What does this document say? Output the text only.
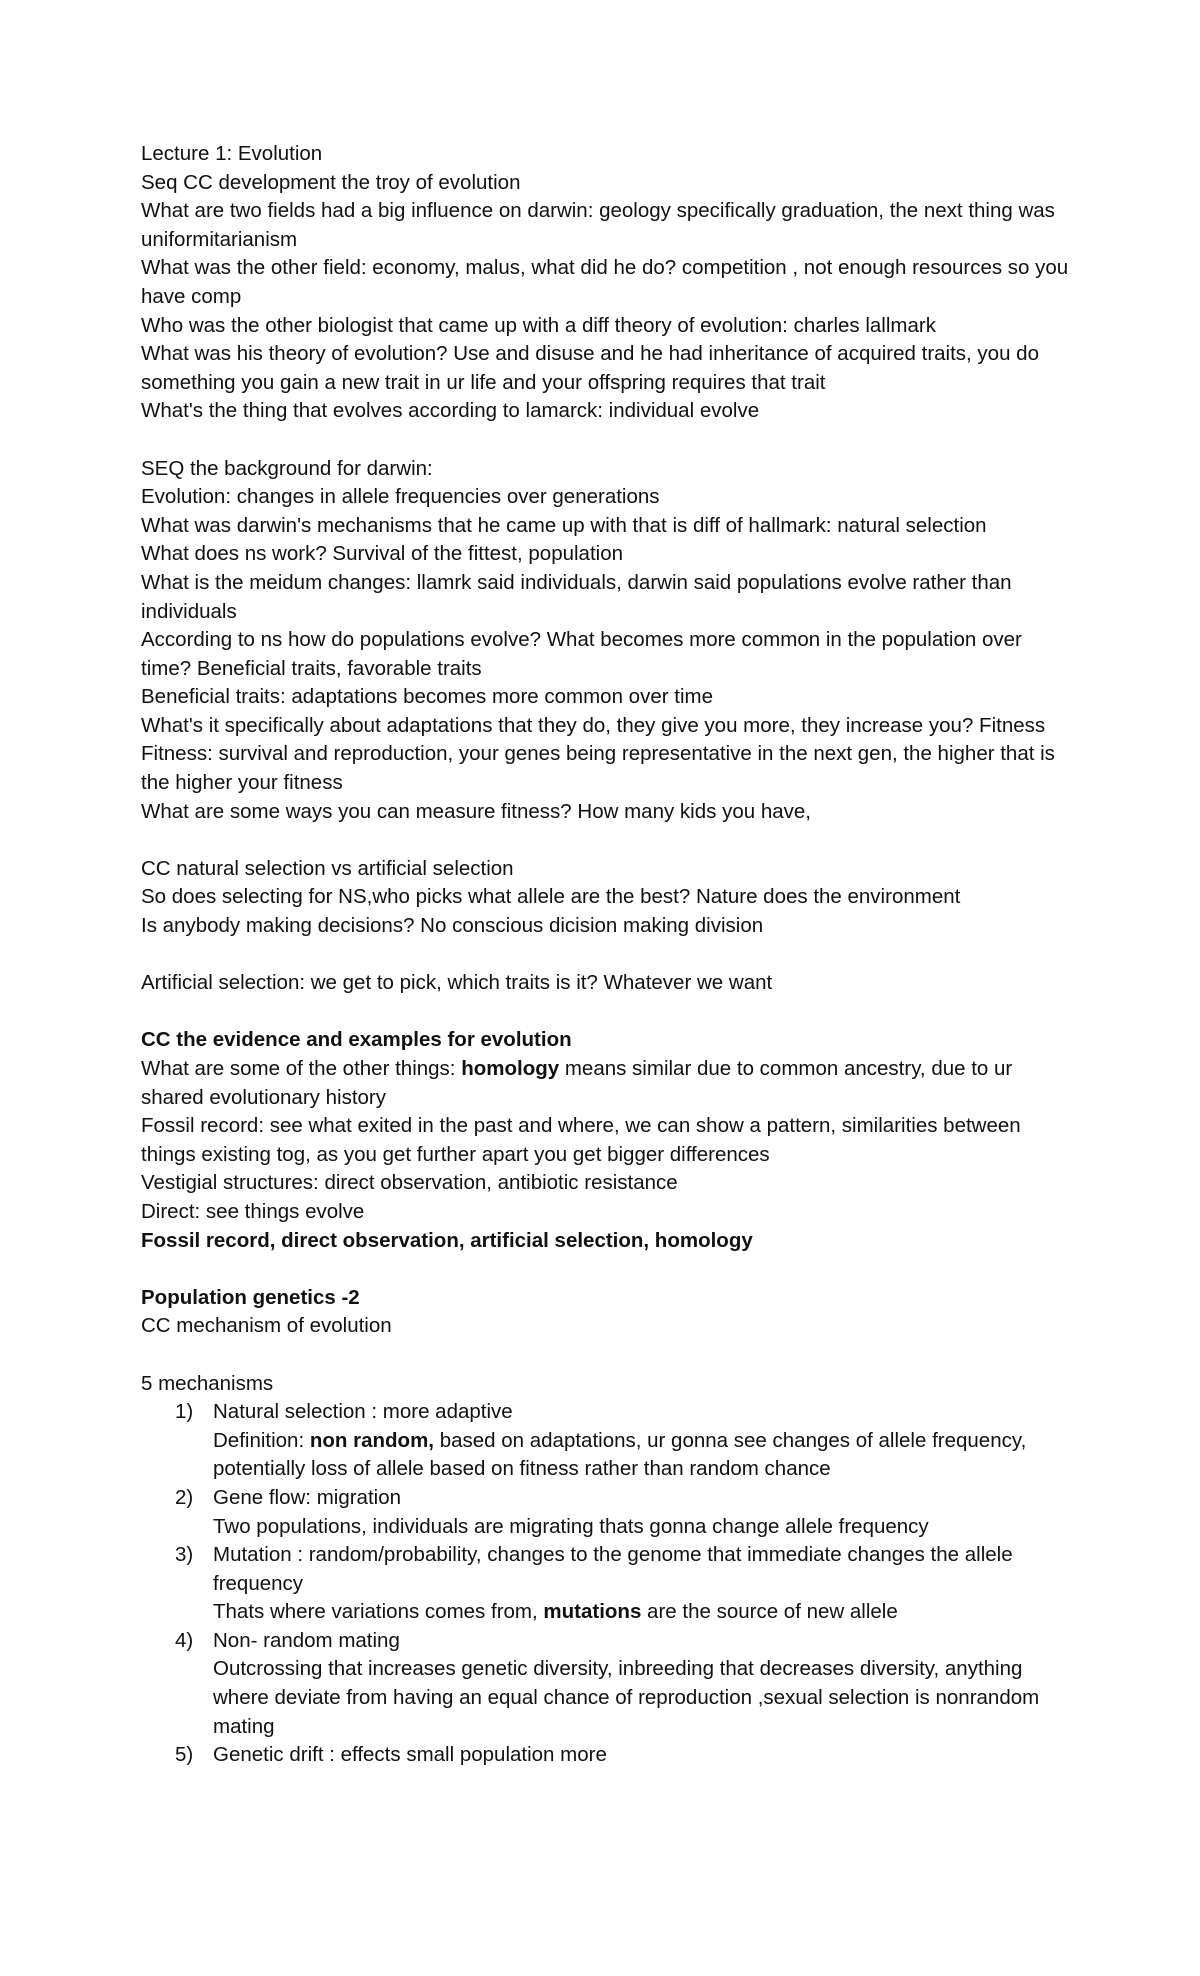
Lecture 1: Evolution
Seq CC development the troy of evolution
What are two fields had a big influence on darwin: geology specifically graduation, the next thing was uniformitarianism
What was the other field: economy, malus, what did he do? competition , not enough resources so you have comp
Who was the other biologist that came up with a diff theory of evolution: charles lallmark
What was his theory of evolution? Use and disuse and he had inheritance of acquired traits, you do something you gain a new trait in ur life and your offspring requires that trait
What's the thing that evolves according to lamarck: individual evolve
SEQ the background for darwin:
Evolution: changes in allele frequencies over generations
What was darwin's mechanisms that he came up with that is diff of hallmark: natural selection
What does ns work? Survival of the fittest, population
What is the meidum changes: llamrk said individuals, darwin said populations evolve rather than individuals
According to ns how do populations evolve? What becomes more common in the population over time? Beneficial traits, favorable traits
Beneficial traits: adaptations becomes more common over time
What's it specifically about adaptations that they do, they give you more, they increase you? Fitness
Fitness: survival and reproduction, your genes being representative in the next gen, the higher that is the higher your fitness
What are some ways you can measure fitness? How many kids you have,
CC natural selection vs artificial selection
So does selecting for NS,who picks what allele are the best? Nature does the environment
Is anybody making decisions? No conscious dicision making division
Artificial selection: we get to pick, which traits is it? Whatever we want
CC the evidence and examples for evolution
What are some of the other things: homology means similar due to common ancestry, due to ur shared evolutionary history
Fossil record: see what exited in the past and where, we can show a pattern, similarities between things existing tog, as you get further apart you get bigger differences
Vestigial structures: direct observation, antibiotic resistance
Direct: see things evolve
Fossil record, direct observation, artificial selection, homology
Population genetics -2
CC mechanism of evolution
5 mechanisms
1) Natural selection : more adaptive
Definition: non random, based on adaptations, ur gonna see changes of allele frequency, potentially loss of allele based on fitness rather than random chance
2) Gene flow: migration
Two populations, individuals are migrating thats gonna change allele frequency
3) Mutation : random/probability, changes to the genome that immediate changes the allele frequency
Thats where variations comes from, mutations are the source of new allele
4) Non- random mating
Outcrossing that increases genetic diversity, inbreeding that decreases diversity, anything where deviate from having an equal chance of reproduction ,sexual selection is nonrandom mating
5) Genetic drift : effects small population more
